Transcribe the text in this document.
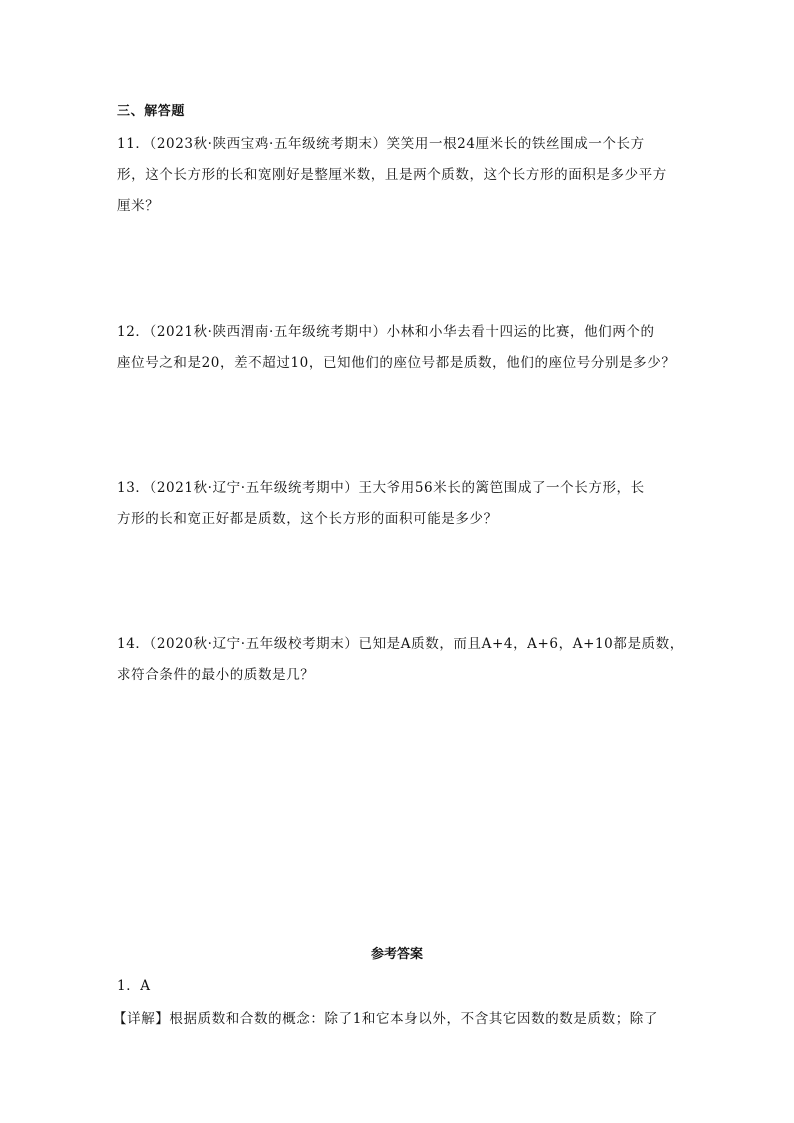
三、解答题
11．（2023秋·陕西宝鸡·五年级统考期末）笑笑用一根24厘米长的铁丝围成一个长方
形，这个长方形的长和宽刚好是整厘米数，且是两个质数，这个长方形的面积是多少平方
厘米？
12．（2021秋·陕西渭南·五年级统考期中）小林和小华去看十四运的比赛，他们两个的
座位号之和是20，差不超过10，已知他们的座位号都是质数，他们的座位号分别是多少？
13．（2021秋·辽宁·五年级统考期中）王大爷用56米长的篱笆围成了一个长方形，长
方形的长和宽正好都是质数，这个长方形的面积可能是多少？
14．（2020秋·辽宁·五年级校考期末）已知是A质数，而且A+4，A+6，A+10都是质数，
求符合条件的最小的质数是几？
参考答案
1．A
【详解】根据质数和合数的概念：除了1和它本身以外，不含其它因数的数是质数；除了
